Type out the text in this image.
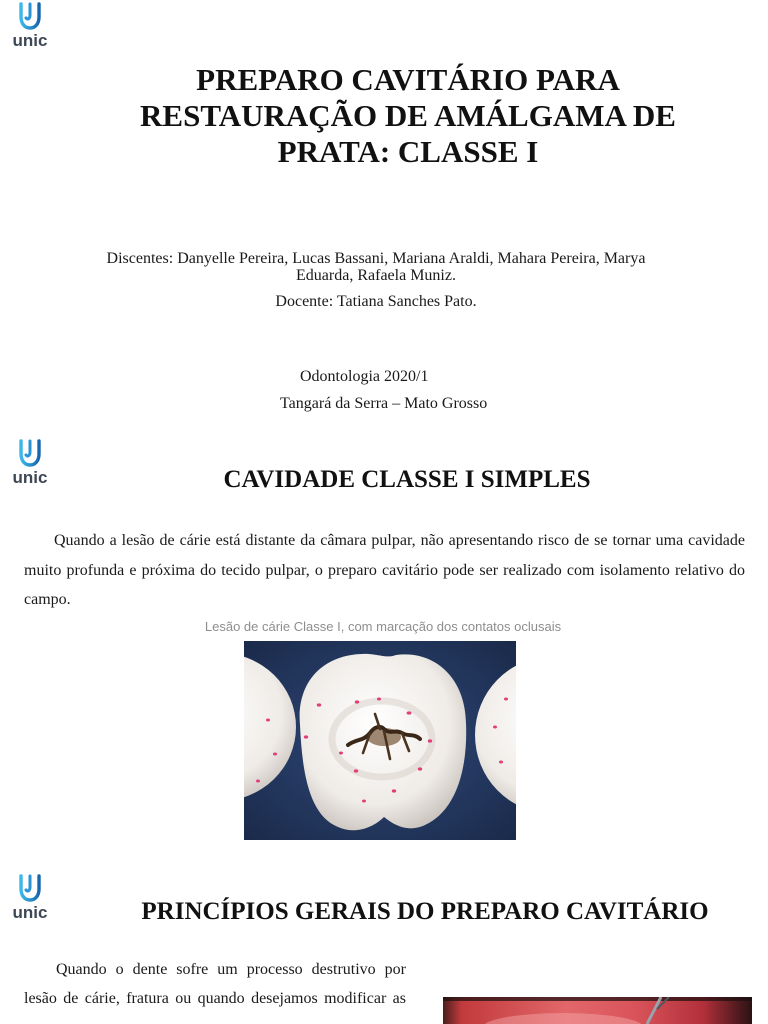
unic
PREPARO CAVITÁRIO PARA
RESTAURAÇÃO DE AMÁLGAMA DE
PRATA: CLASSE I
Discentes: Danyelle Pereira, Lucas Bassani, Mariana Araldi, Mahara Pereira, Marya
Eduarda, Rafaela Muniz.
Docente: Tatiana Sanches Pato.
Odontologia 2020/1
Tangará da Serra – Mato Grosso
unic	CAVIDADE CLASSE I SIMPLES
Quando a lesão de cárie está distante da câmara pulpar, não apresentando risco de se tornar uma cavidade
muito profunda e próxima do tecido pulpar, o preparo cavitário pode ser realizado com isolamento relativo do
campo.
Lesão de cárie Classe I, com marcação dos contatos oclusais
unic	PRINCÍPIOS GERAIS DO PREPARO CAVITÁRIO
Quando o dente sofre um processo destrutivo por
lesão de cárie, fratura ou quando desejamos modificar as
